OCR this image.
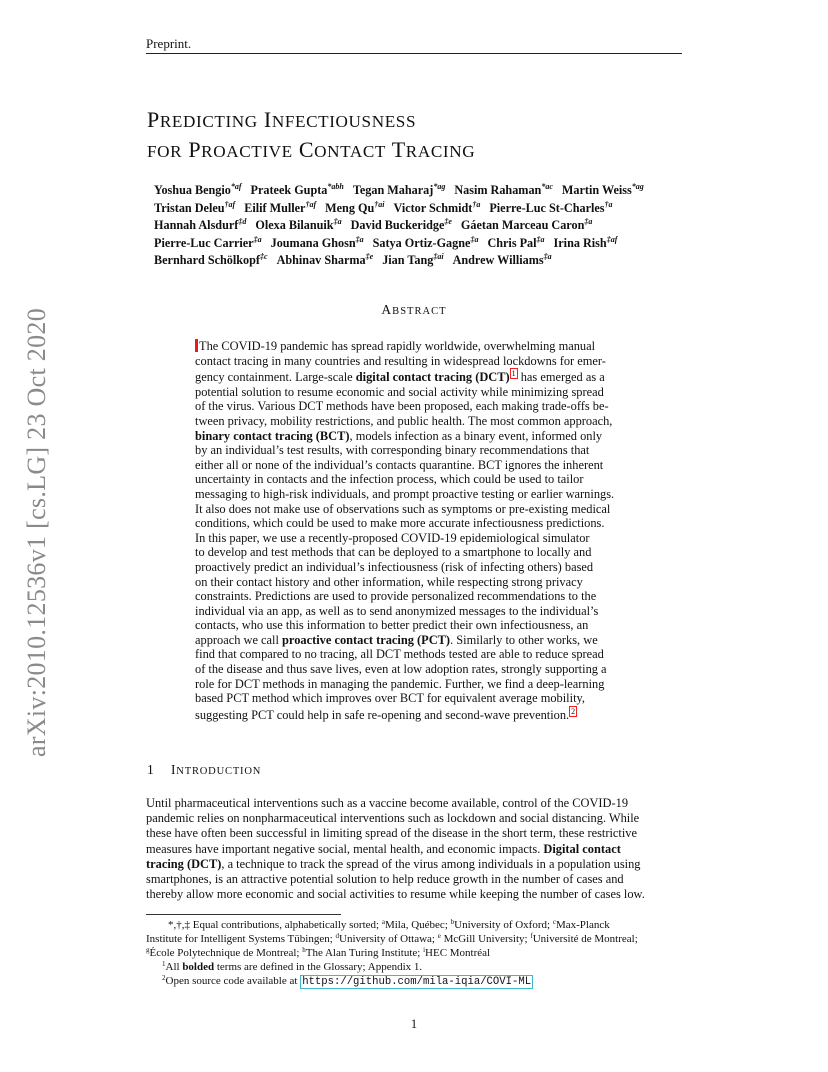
Preprint.
arXiv:2010.12536v1 [cs.LG] 23 Oct 2020
PREDICTING INFECTIOUSNESS
FOR PROACTIVE CONTACT TRACING
Yoshua Bengio$^{*af}$ Prateek Gupta$^{*abh}$ Tegan Maharaj$^{*ag}$ Nasim Rahaman$^{*ac}$ Martin Weiss$^{*ag}$
Tristan Deleu$^{\dagger af}$ Eilif Muller$^{\dagger af}$ Meng $Qu^{\dagger ai}$ Victor Schmidt$^{\dagger a}$ Pierre-Luc St-Charles$^{\dagger a}$
Hannah Alsdurf$^{\ddagger d}$ Olexa Bilanuik$^{\ddagger a}$ David Buckeridge$^{\ddagger e}$ Gáetan Marceau Caron$^{\ddagger a}$
Pierre-Luc Carrier$^{\ddagger a}$ Joumana Ghosn$^{\ddagger a}$ Satya Ortiz-Gagne$^{\ddagger a}$ Chris Pal$^{\ddagger a}$ Irina Rish$^{\ddagger af}$
Bernhard Schölkopf$^{\ddagger c}$ Abhinav Sharma$^{\ddagger e}$ Jian Tang$^{\ddagger ai}$ Andrew Williams$^{\ddagger a}$
ABSTRACT
The COVID-19 pandemic has spread rapidly worldwide, overwhelming manual
contact tracing in many countries and resulting in widespread lockdowns for emer-
gency containment. Large-scale digital contact tracing (DCT) 1 has emerged as a
potential solution to resume economic and social activity while minimizing spread
of the virus. Various DCT methods have been proposed, each making trade-offs be-
tween privacy, mobility restrictions, and public health. The most common approach,
binary contact tracing (BCT), models infection as a binary event, informed only
by an individual’s test results, with corresponding binary recommendations that
either all or none of the individual’s contacts quarantine. BCT ignores the inherent
uncertainty in contacts and the infection process, which could be used to tailor
messaging to high-risk individuals, and prompt proactive testing or earlier warnings.
It also does not make use of observations such as symptoms or pre-existing medical
conditions, which could be used to make more accurate infectiousness predictions.
In this paper, we use a recently-proposed COVID-19 epidemiological simulator
to develop and test methods that can be deployed to a smartphone to locally and
proactively predict an individual’s infectiousness (risk of infecting others) based
on their contact history and other information, while respecting strong privacy
constraints. Predictions are used to provide personalized recommendations to the
individual via an app, as well as to send anonymized messages to the individual’s
contacts, who use this information to better predict their own infectiousness, an
approach we call proactive contact tracing (PCT). Similarly to other works, we
find that compared to no tracing, all DCT methods tested are able to reduce spread
of the disease and thus save lives, even at low adoption rates, strongly supporting a
role for DCT methods in managing the pandemic. Further, we find a deep-learning
based PCT method which improves over BCT for equivalent average mobility,
suggesting PCT could help in safe re-opening and second-wave prevention. 2
1 INTRODUCTION
Until pharmaceutical interventions such as a vaccine become available, control of the COVID-19
pandemic relies on nonpharmaceutical interventions such as lockdown and social distancing. While
these have often been successful in limiting spread of the disease in the short term, these restrictive
measures have important negative social, mental health, and economic impacts. Digital contact
tracing (DCT), a technique to track the spread of the virus among individuals in a population using
smartphones, is an attractive potential solution to help reduce growth in the number of cases and
thereby allow more economic and social activities to resume while keeping the number of cases low.
*,†,‡ Equal contributions, alphabetically sorted; $^a$Mila, Québec; $^b$University of Oxford; $^c$Max-Planck
Institute for Intelligent Systems Tübingen; $^d$University of Ottawa; $^e$ McGill University; $^f$Université de Montreal;
$^g$École Polytechnique de Montreal; $^h$The Alan Turing Institute; $^i$HEC Montréal
$^1$All bolded terms are defined in the Glossary; Appendix 1.
$^2$Open source code available at https://github.com/mila-iqia/COVI-ML
1
